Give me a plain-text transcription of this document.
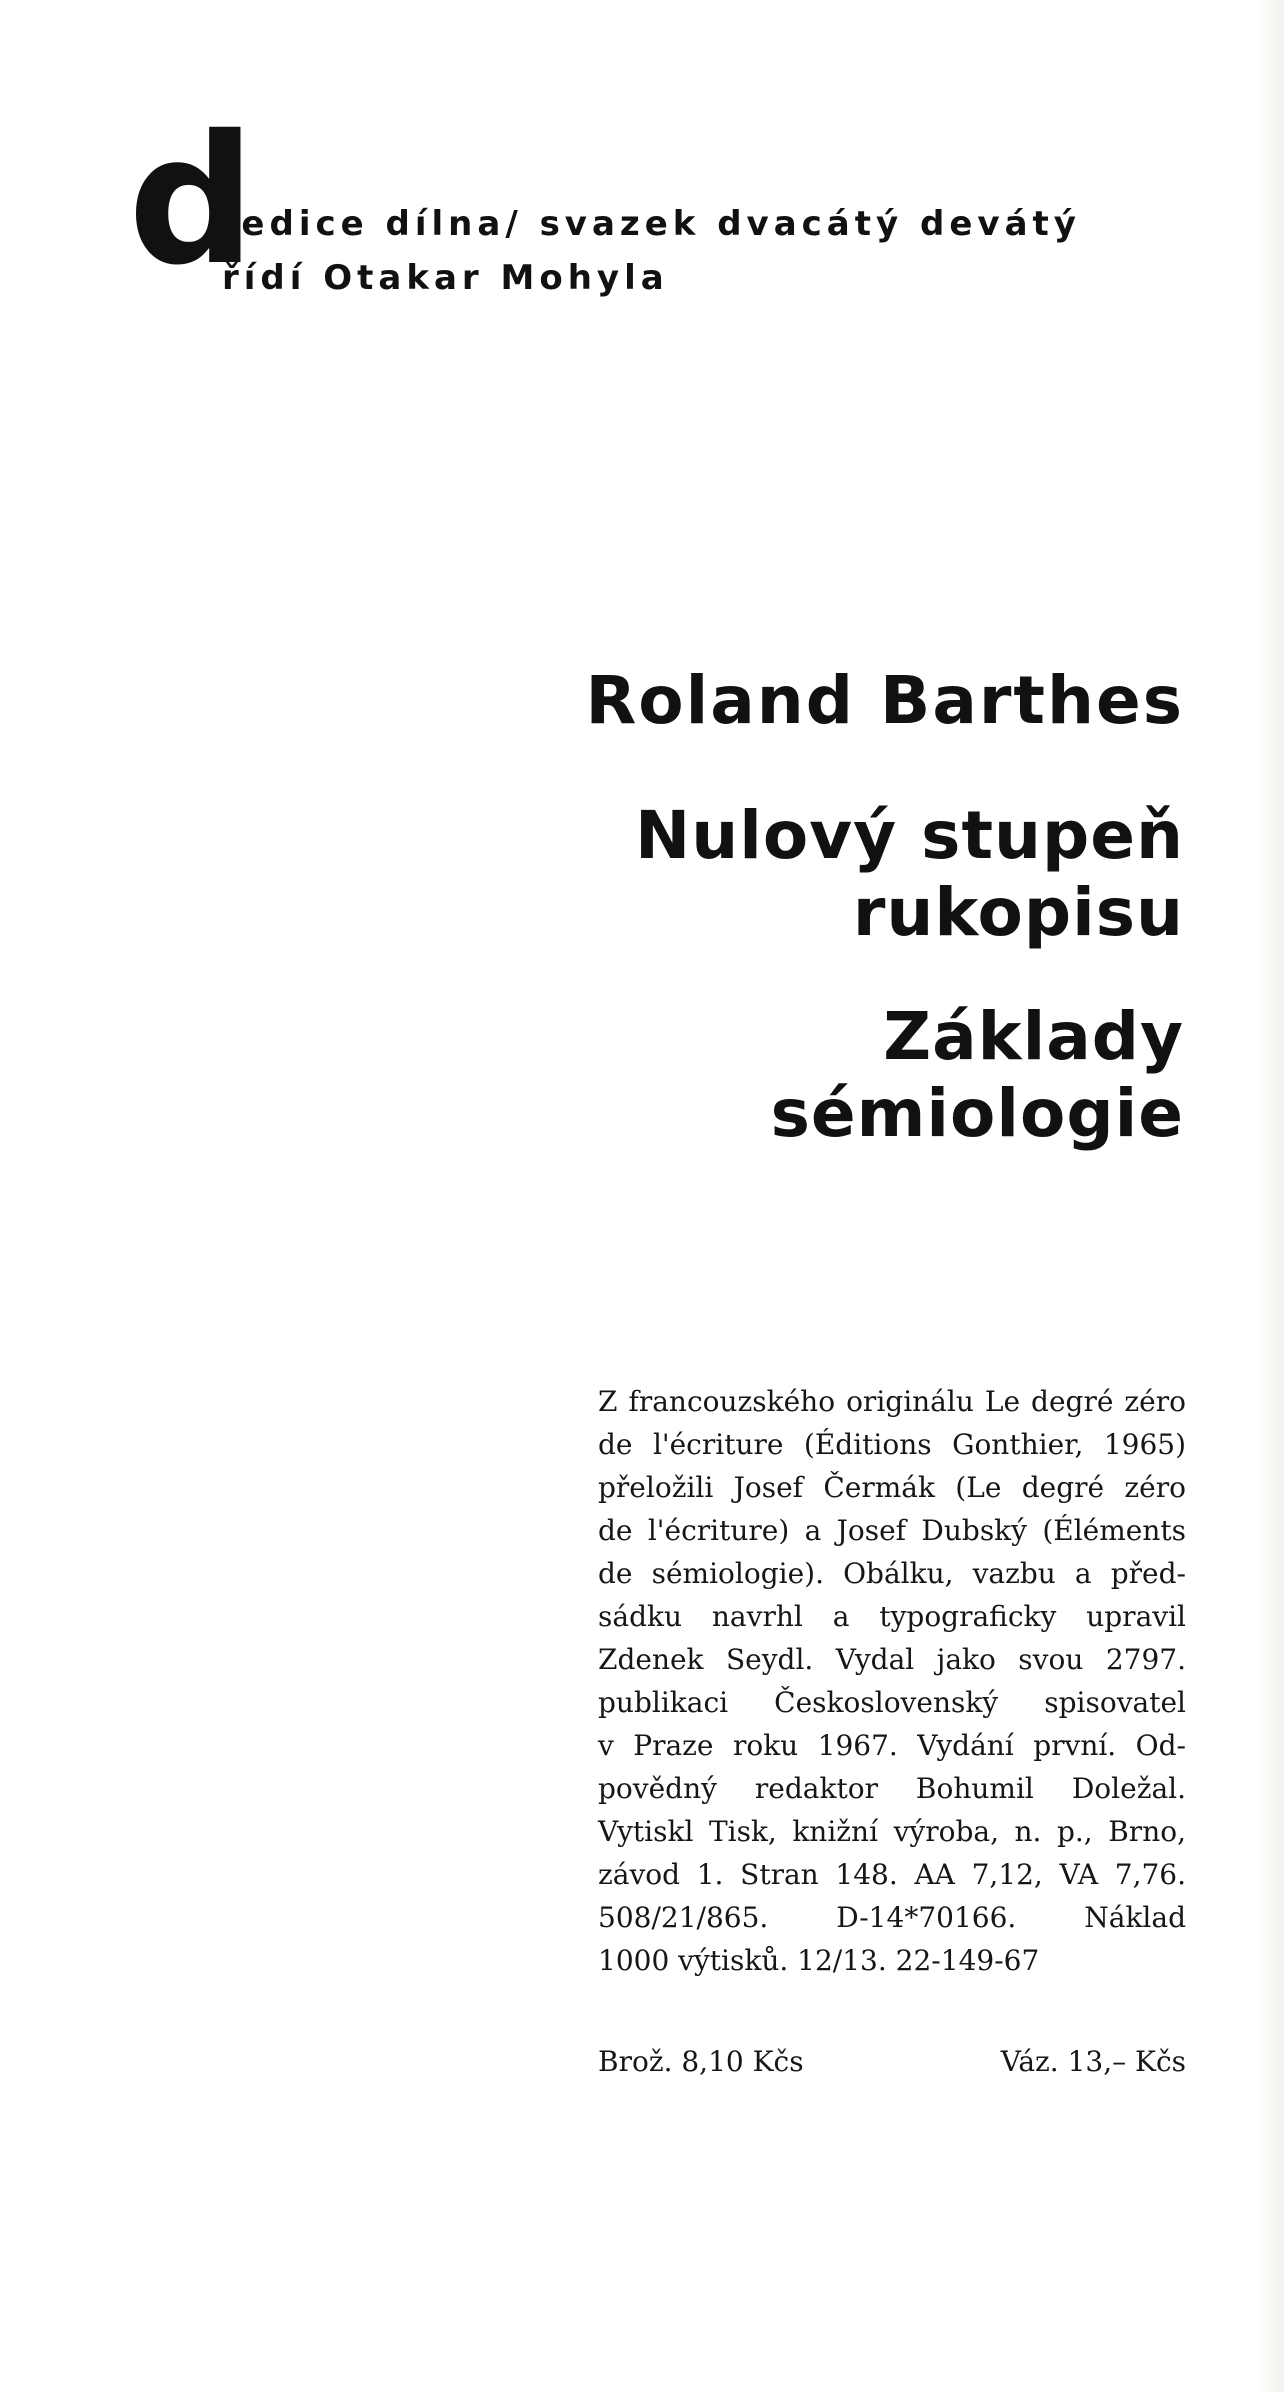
d
/edice dílna/ svazek dvacátý devátý
řídí Otakar Mohyla
Roland Barthes
Nulový stupeň
rukopisu
Základy
sémiologie
Z francouzského originálu Le degré zéro
de l'écriture (Éditions Gonthier, 1965)
přeložili Josef Čermák (Le degré zéro
de l'écriture) a Josef Dubský (Éléments
de sémiologie). Obálku, vazbu a před-
sádku navrhl a typograficky upravil
Zdenek Seydl. Vydal jako svou 2797.
publikaci Československý spisovatel
v Praze roku 1967. Vydání první. Od-
povědný redaktor Bohumil Doležal.
Vytiskl Tisk, knižní výroba, n. p., Brno,
závod 1. Stran 148. AA 7,12, VA 7,76.
508/21/865. D-14*70166. Náklad
1000 výtisků. 12/13. 22-149-67
Brož. 8,10 Kčs	Váz. 13,– Kčs
